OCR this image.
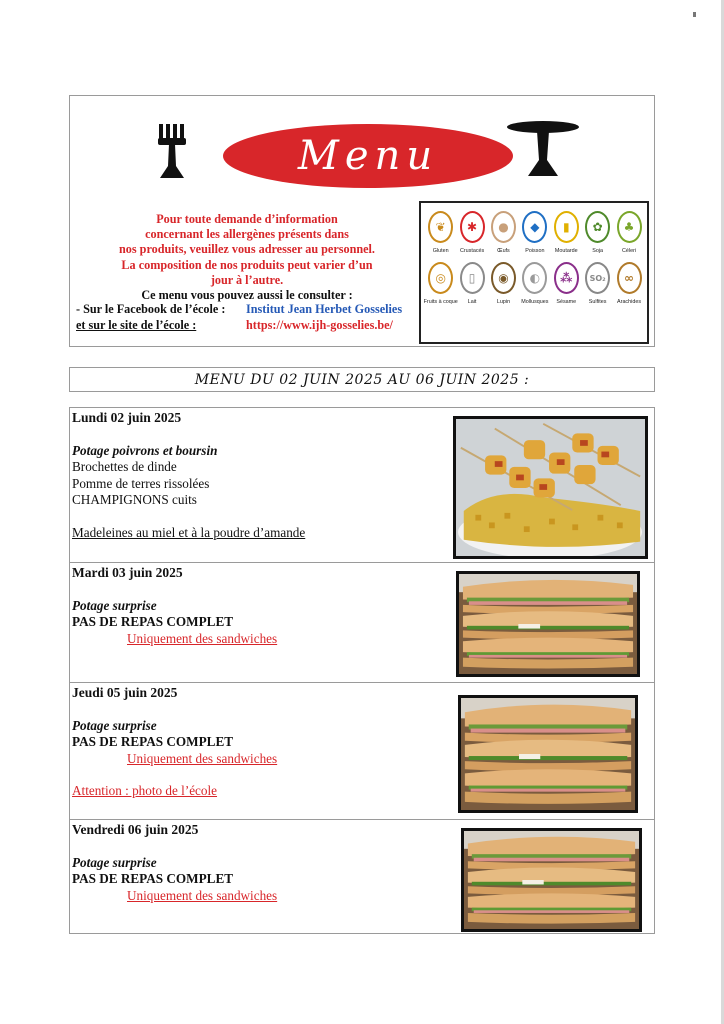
Menu
Pour toute demande d’information
concernant les allergènes présents dans
nos produits, veuillez vous adresser au personnel.
La composition de nos produits peut varier d’un
jour à l’autre.
Ce menu vous pouvez aussi le consulter :
- Sur le Facebook de l’école :	Institut Jean Herbet Gosselies
et sur le site de l’école :	https://www.ijh-gosselies.be/
❦
Gluten
✱
Crustacés
●
Œufs
◆
Poisson
▮
Moutarde
✿
Soja
♣
Céleri
◎
Fruits à coque
▯
Lait
◉
Lupin
◐
Mollusques
⁂
Sésame
SO₂
Sulfites
∞
Arachides
MENU DU 02 JUIN 2025 AU 06 JUIN 2025 :
Lundi 02 juin 2025
Potage poivrons et boursin
Brochettes de dinde
Pomme de terres rissolées
CHAMPIGNONS cuits
Madeleines au miel et à la poudre d’amande
Mardi 03 juin 2025
Potage surprise
PAS DE REPAS COMPLET
Uniquement des sandwiches
Jeudi 05 juin 2025
Potage surprise
PAS DE REPAS COMPLET
Uniquement des sandwiches
Attention : photo de l’école
Vendredi 06 juin 2025
Potage surprise
PAS DE REPAS COMPLET
Uniquement des sandwiches
